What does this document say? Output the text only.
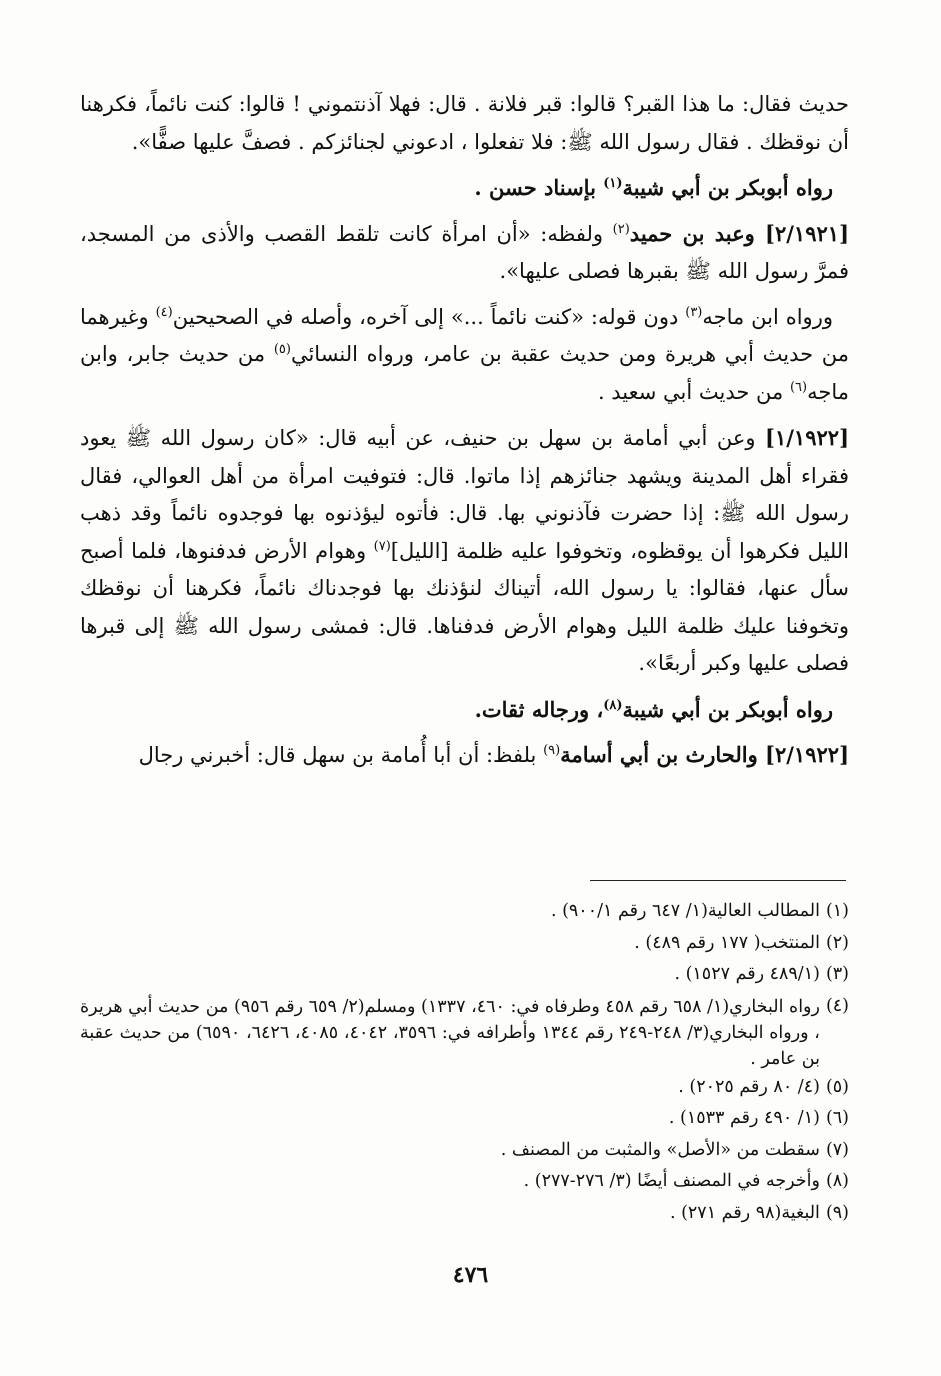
حديث فقال: ما هذا القبر؟ قالوا: قبر فلانة . قال: فهلا آذنتموني ! قالوا: كنت نائماً، فكرهنا أن نوقظك . فقال رسول الله ﷺ: فلا تفعلوا ، ادعوني لجنائزكم . فصفَّ عليها صفًّا».

رواه أبوبكر بن أبي شيبة$^{(١)}$ بإسناد حسن .

[٢/١٩٢١] وعبد بن حميد$^{(٢)}$ ولفظه: «أن امرأة كانت تلقط القصب والأذى من المسجد، فمرَّ رسول الله ﷺ بقبرها فصلى عليها».

ورواه ابن ماجه$^{(٣)}$ دون قوله: «كنت نائماً ...» إلى آخره، وأصله في الصحيحين$^{(٤)}$ وغيرهما من حديث أبي هريرة ومن حديث عقبة بن عامر، ورواه النسائي$^{(٥)}$ من حديث جابر، وابن ماجه$^{(٦)}$ من حديث أبي سعيد .

[١/١٩٢٢] وعن أبي أمامة بن سهل بن حنيف، عن أبيه قال: «كان رسول الله ﷺ يعود فقراء أهل المدينة ويشهد جنائزهم إذا ماتوا. قال: فتوفيت امرأة من أهل العوالي، فقال رسول الله ﷺ: إذا حضرت فآذنوني بها. قال: فأتوه ليؤذنوه بها فوجدوه نائماً وقد ذهب الليل فكرهوا أن يوقظوه، وتخوفوا عليه ظلمة [الليل]$^{(٧)}$ وهوام الأرض فدفنوها، فلما أصبح سأل عنها، فقالوا: يا رسول الله، أتيناك لنؤذنك بها فوجدناك نائماً، فكرهنا أن نوقظك وتخوفنا عليك ظلمة الليل وهوام الأرض فدفناها. قال: فمشى رسول الله ﷺ إلى قبرها فصلى عليها وكبر أربعًا».

رواه أبوبكر بن أبي شيبة$^{(٨)}$، ورجاله ثقات.

[٢/١٩٢٢] والحارث بن أبي أسامة$^{(٩)}$ بلفظ: أن أبا أُمامة بن سهل قال: أخبرني رجال

(١)
المطالب العالية(١/ ٦٤٧ رقم ٩٠٠/١) .
(٢)
المنتخب( ١٧٧ رقم ٤٨٩) .
(٣)
(٤٨٩/١ رقم ١٥٢٧) .
(٤)
رواه البخاري(١/ ٦٥٨ رقم ٤٥٨ وطرفاه في: ٤٦٠، ١٣٣٧) ومسلم(٢/ ٦٥٩ رقم ٩٥٦) من حديث أبي هريرة ، ورواه البخاري(٣/ ٢٤٨-٢٤٩ رقم ١٣٤٤ وأطرافه في: ٣٥٩٦، ٤٠٤٢، ٤٠٨٥، ٦٤٢٦، ٦٥٩٠) من حديث عقبة بن عامر .
(٥)
(٤/ ٨٠ رقم ٢٠٢٥) .
(٦)
(١/ ٤٩٠ رقم ١٥٣٣) .
(٧)
سقطت من «الأصل» والمثبت من المصنف .
(٨)
وأخرجه في المصنف أيضًا (٣/ ٢٧٦-٢٧٧) .
(٩)
البغية(٩٨ رقم ٢٧١) .
٤٧٦
